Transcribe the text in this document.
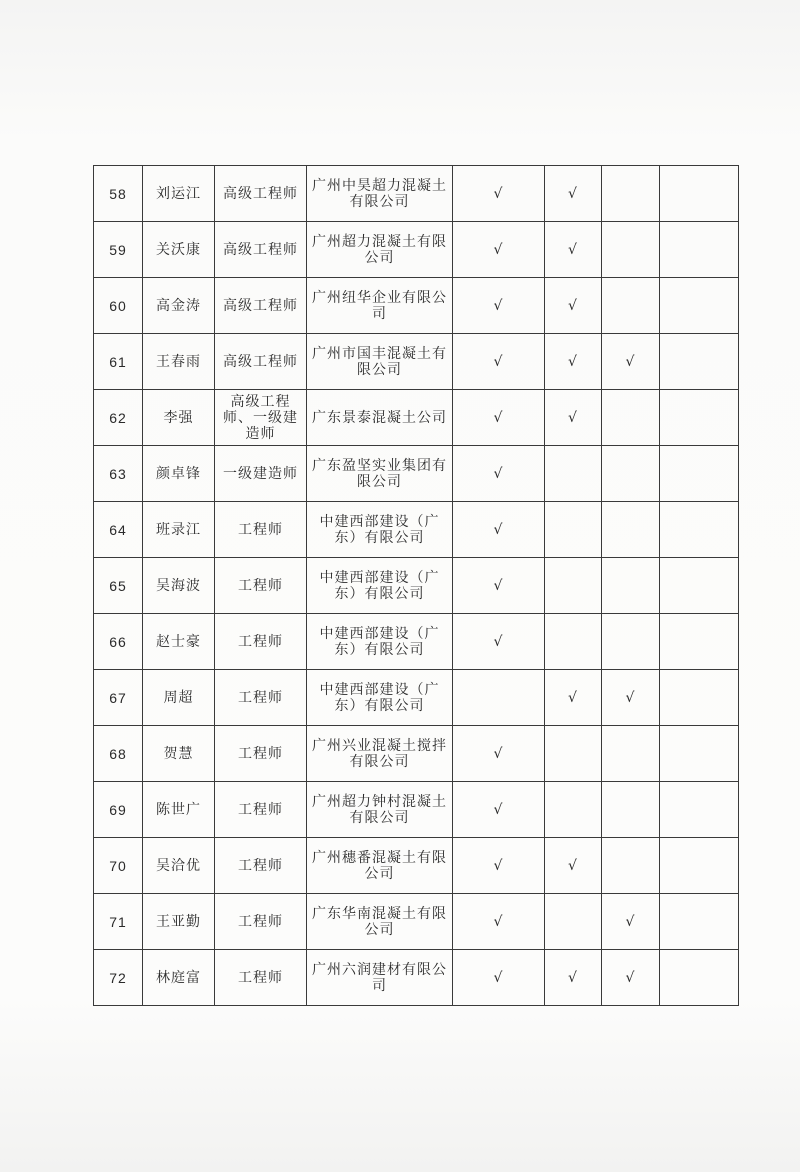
58	刘运江	高级工程师	广州中昊超力混凝土有限公司	√	√		
59	关沃康	高级工程师	广州超力混凝土有限公司	√	√		
60	高金涛	高级工程师	广州纽华企业有限公司	√	√		
61	王春雨	高级工程师	广州市国丰混凝土有限公司	√	√	√	
62	李强	高级工程师、一级建造师	广东景泰混凝土公司	√	√		
63	颜卓锋	一级建造师	广东盈坚实业集团有限公司	√			
64	班录江	工程师	中建西部建设（广东）有限公司	√			
65	吴海波	工程师	中建西部建设（广东）有限公司	√			
66	赵士豪	工程师	中建西部建设（广东）有限公司	√			
67	周超	工程师	中建西部建设（广东）有限公司		√	√	
68	贺慧	工程师	广州兴业混凝土搅拌有限公司	√			
69	陈世广	工程师	广州超力钟村混凝土有限公司	√			
70	吴洽优	工程师	广州穗番混凝土有限公司	√	√		
71	王亚勤	工程师	广东华南混凝土有限公司	√		√	
72	林庭富	工程师	广州六润建材有限公司	√	√	√	
